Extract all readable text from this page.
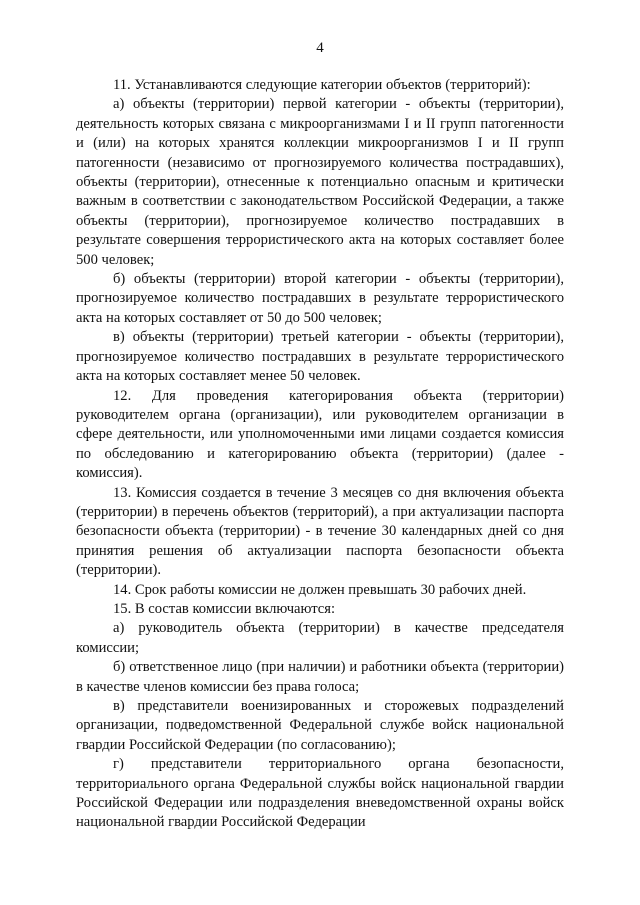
4

11. Устанавливаются следующие категории объектов (территорий):

а) объекты (территории) первой категории - объекты (территории), деятельность которых связана с микроорганизмами I и II групп патогенности и (или) на которых хранятся коллекции микроорганизмов I и II групп патогенности (независимо от прогнозируемого количества пострадавших), объекты (территории), отнесенные к потенциально опасным и критически важным в соответствии с законодательством Российской Федерации, а также объекты (территории), прогнозируемое количество пострадавших в результате совершения террористического акта на которых составляет более 500 человек;

б) объекты (территории) второй категории - объекты (территории), прогнозируемое количество пострадавших в результате террористического акта на которых составляет от 50 до 500 человек;

в) объекты (территории) третьей категории - объекты (территории), прогнозируемое количество пострадавших в результате террористического акта на которых составляет менее 50 человек.

12. Для проведения категорирования объекта (территории) руководителем органа (организации), или руководителем организации в сфере деятельности, или уполномоченными ими лицами создается комиссия по обследованию и категорированию объекта (территории) (далее - комиссия).

13. Комиссия создается в течение 3 месяцев со дня включения объекта (территории) в перечень объектов (территорий), а при актуализации паспорта безопасности объекта (территории) - в течение 30 календарных дней со дня принятия решения об актуализации паспорта безопасности объекта (территории).

14. Срок работы комиссии не должен превышать 30 рабочих дней.

15. В состав комиссии включаются:

а) руководитель объекта (территории) в качестве председателя комиссии;

б) ответственное лицо (при наличии) и работники объекта (территории) в качестве членов комиссии без права голоса;

в) представители военизированных и сторожевых подразделений организации, подведомственной Федеральной службе войск национальной гвардии Российской Федерации (по согласованию);

г) представители территориального органа безопасности, территориального органа Федеральной службы войск национальной гвардии Российской Федерации или подразделения вневедомственной охраны войск национальной гвардии Российской Федерации
